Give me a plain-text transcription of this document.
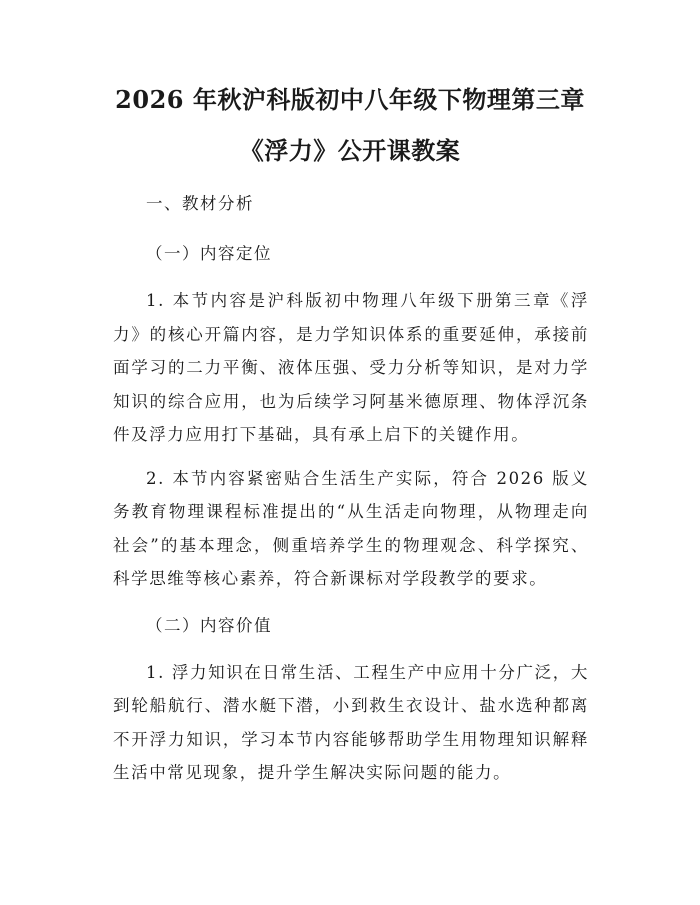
2026 年秋沪科版初中八年级下物理第三章
《浮力》公开课教案

一、教材分析

（一）内容定位

1. 本节内容是沪科版初中物理八年级下册第三章《浮力》的核心开篇内容，是力学知识体系的重要延伸，承接前面学习的二力平衡、液体压强、受力分析等知识，是对力学知识的综合应用，也为后续学习阿基米德原理、物体浮沉条件及浮力应用打下基础，具有承上启下的关键作用。

2. 本节内容紧密贴合生活生产实际，符合 2026 版义务教育物理课程标准提出的“从生活走向物理，从物理走向社会”的基本理念，侧重培养学生的物理观念、科学探究、科学思维等核心素养，符合新课标对学段教学的要求。

（二）内容价值

1. 浮力知识在日常生活、工程生产中应用十分广泛，大到轮船航行、潜水艇下潜，小到救生衣设计、盐水选种都离不开浮力知识，学习本节内容能够帮助学生用物理知识解释生活中常见现象，提升学生解决实际问题的能力。
